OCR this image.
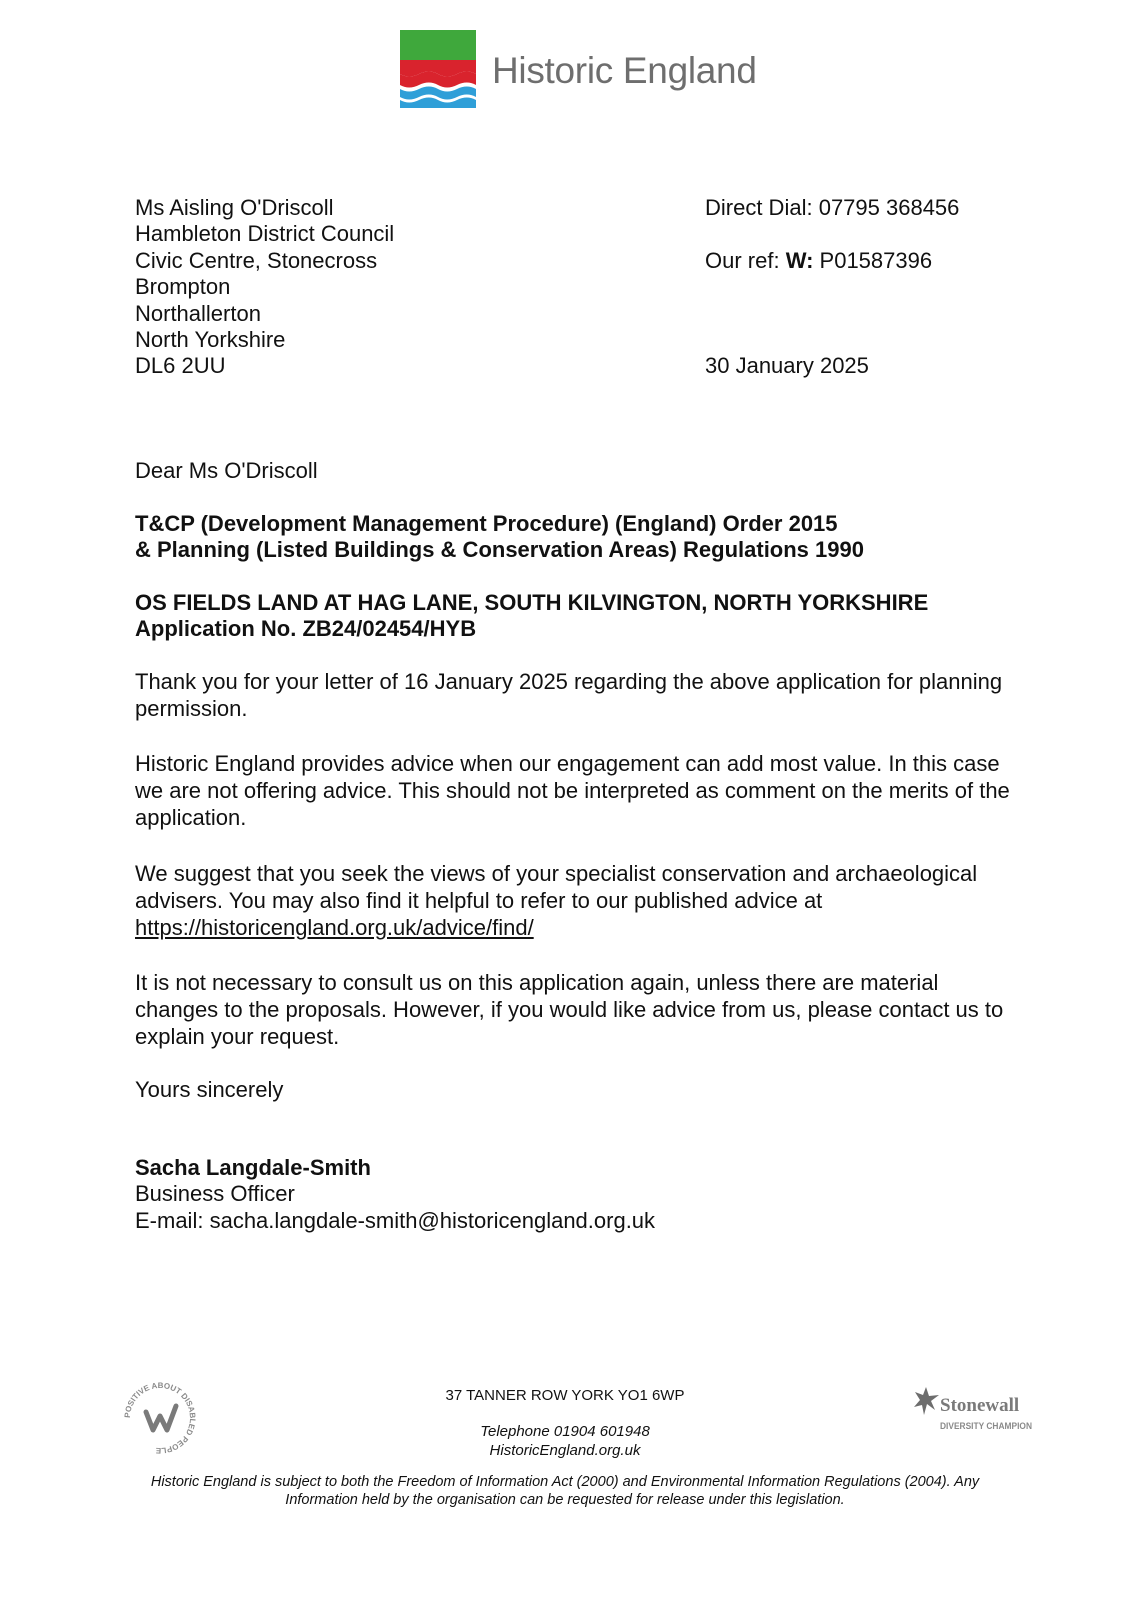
Historic England
Ms Aisling O'Driscoll
Hambleton District Council
Civic Centre, Stonecross
Brompton
Northallerton
North Yorkshire
DL6 2UU
Direct Dial: 07795 368456
Our ref: W: P01587396
30 January 2025
Dear Ms O'Driscoll
T&CP (Development Management Procedure) (England) Order 2015
& Planning (Listed Buildings & Conservation Areas) Regulations 1990
OS FIELDS LAND AT HAG LANE, SOUTH KILVINGTON, NORTH YORKSHIRE
Application No. ZB24/02454/HYB
Thank you for your letter of 16 January 2025 regarding the above application for planning permission.
Historic England provides advice when our engagement can add most value. In this case we are not offering advice. This should not be interpreted as comment on the merits of the application.
We suggest that you seek the views of your specialist conservation and archaeological advisers. You may also find it helpful to refer to our published advice at
https://historicengland.org.uk/advice/find/
It is not necessary to consult us on this application again, unless there are material changes to the proposals. However, if you would like advice from us, please contact us to explain your request.
Yours sincerely
Sacha Langdale-Smith
Business Officer
E-mail: sacha.langdale-smith@historicengland.org.uk
POSITIVE ABOUT DISABLED PEOPLE
37 TANNER ROW YORK YO1 6WP
Telephone 01904 601948
HistoricEngland.org.uk
Stonewall
DIVERSITY CHAMPION
Historic England is subject to both the Freedom of Information Act (2000) and Environmental Information Regulations (2004). Any Information held by the organisation can be requested for release under this legislation.
